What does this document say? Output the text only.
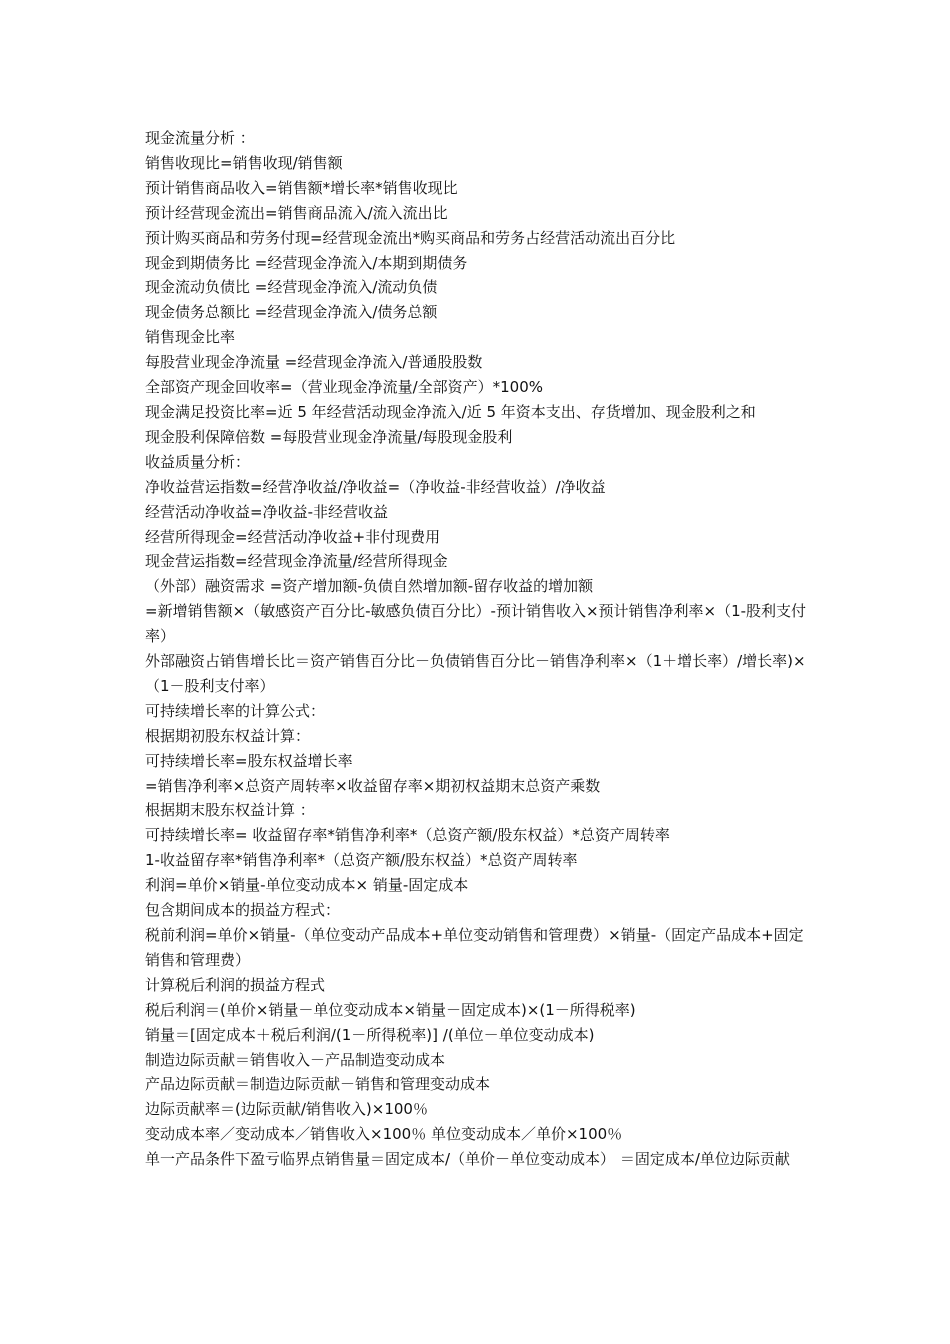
现金流量分析 ：

销售收现比=销售收现/销售额

预计销售商品收入=销售额*增长率*销售收现比

预计经营现金流出=销售商品流入/流入流出比

预计购买商品和劳务付现=经营现金流出*购买商品和劳务占经营活动流出百分比

现金到期债务比 =经营现金净流入/本期到期债务

现金流动负债比 =经营现金净流入/流动负债

现金债务总额比 =经营现金净流入/债务总额

销售现金比率

每股营业现金净流量 =经营现金净流入/普通股股数

全部资产现金回收率=（营业现金净流量/全部资产）*100%

现金满足投资比率=近 5 年经营活动现金净流入/近 5 年资本支出、存货增加、现金股利之和

现金股利保障倍数 =每股营业现金净流量/每股现金股利

收益质量分析：

净收益营运指数=经营净收益/净收益=（净收益-非经营收益）/净收益

经营活动净收益=净收益-非经营收益

经营所得现金=经营活动净收益+非付现费用

现金营运指数=经营现金净流量/经营所得现金

（外部）融资需求 =资产增加额-负债自然增加额-留存收益的增加额

=新增销售额×（敏感资产百分比-敏感负债百分比）-预计销售收入×预计销售净利率×（1-股利支付率）

外部融资占销售增长比＝资产销售百分比－负债销售百分比－销售净利率×（1＋增长率）/增长率)×（1－股利支付率）

可持续增长率的计算公式：

根据期初股东权益计算：

可持续增长率=股东权益增长率

=销售净利率×总资产周转率×收益留存率×期初权益期末总资产乘数

根据期末股东权益计算 ：

可持续增长率= 收益留存率*销售净利率*（总资产额/股东权益）*总资产周转率

1-收益留存率*销售净利率*（总资产额/股东权益）*总资产周转率

利润=单价×销量-单位变动成本× 销量-固定成本

包含期间成本的损益方程式：

税前利润=单价×销量-（单位变动产品成本+单位变动销售和管理费）×销量-（固定产品成本+固定销售和管理费）

计算税后利润的损益方程式

税后利润＝(单价×销量－单位变动成本×销量－固定成本)×(1－所得税率)

销量＝[固定成本＋税后利润/(1－所得税率)] /(单位－单位变动成本)

制造边际贡献＝销售收入－产品制造变动成本

产品边际贡献＝制造边际贡献－销售和管理变动成本

边际贡献率＝(边际贡献/销售收入)×100％

变动成本率／变动成本／销售收入×100％ 单位变动成本／单价×100％

单一产品条件下盈亏临界点销售量＝固定成本/（单价－单位变动成本） ＝固定成本/单位边际贡献
